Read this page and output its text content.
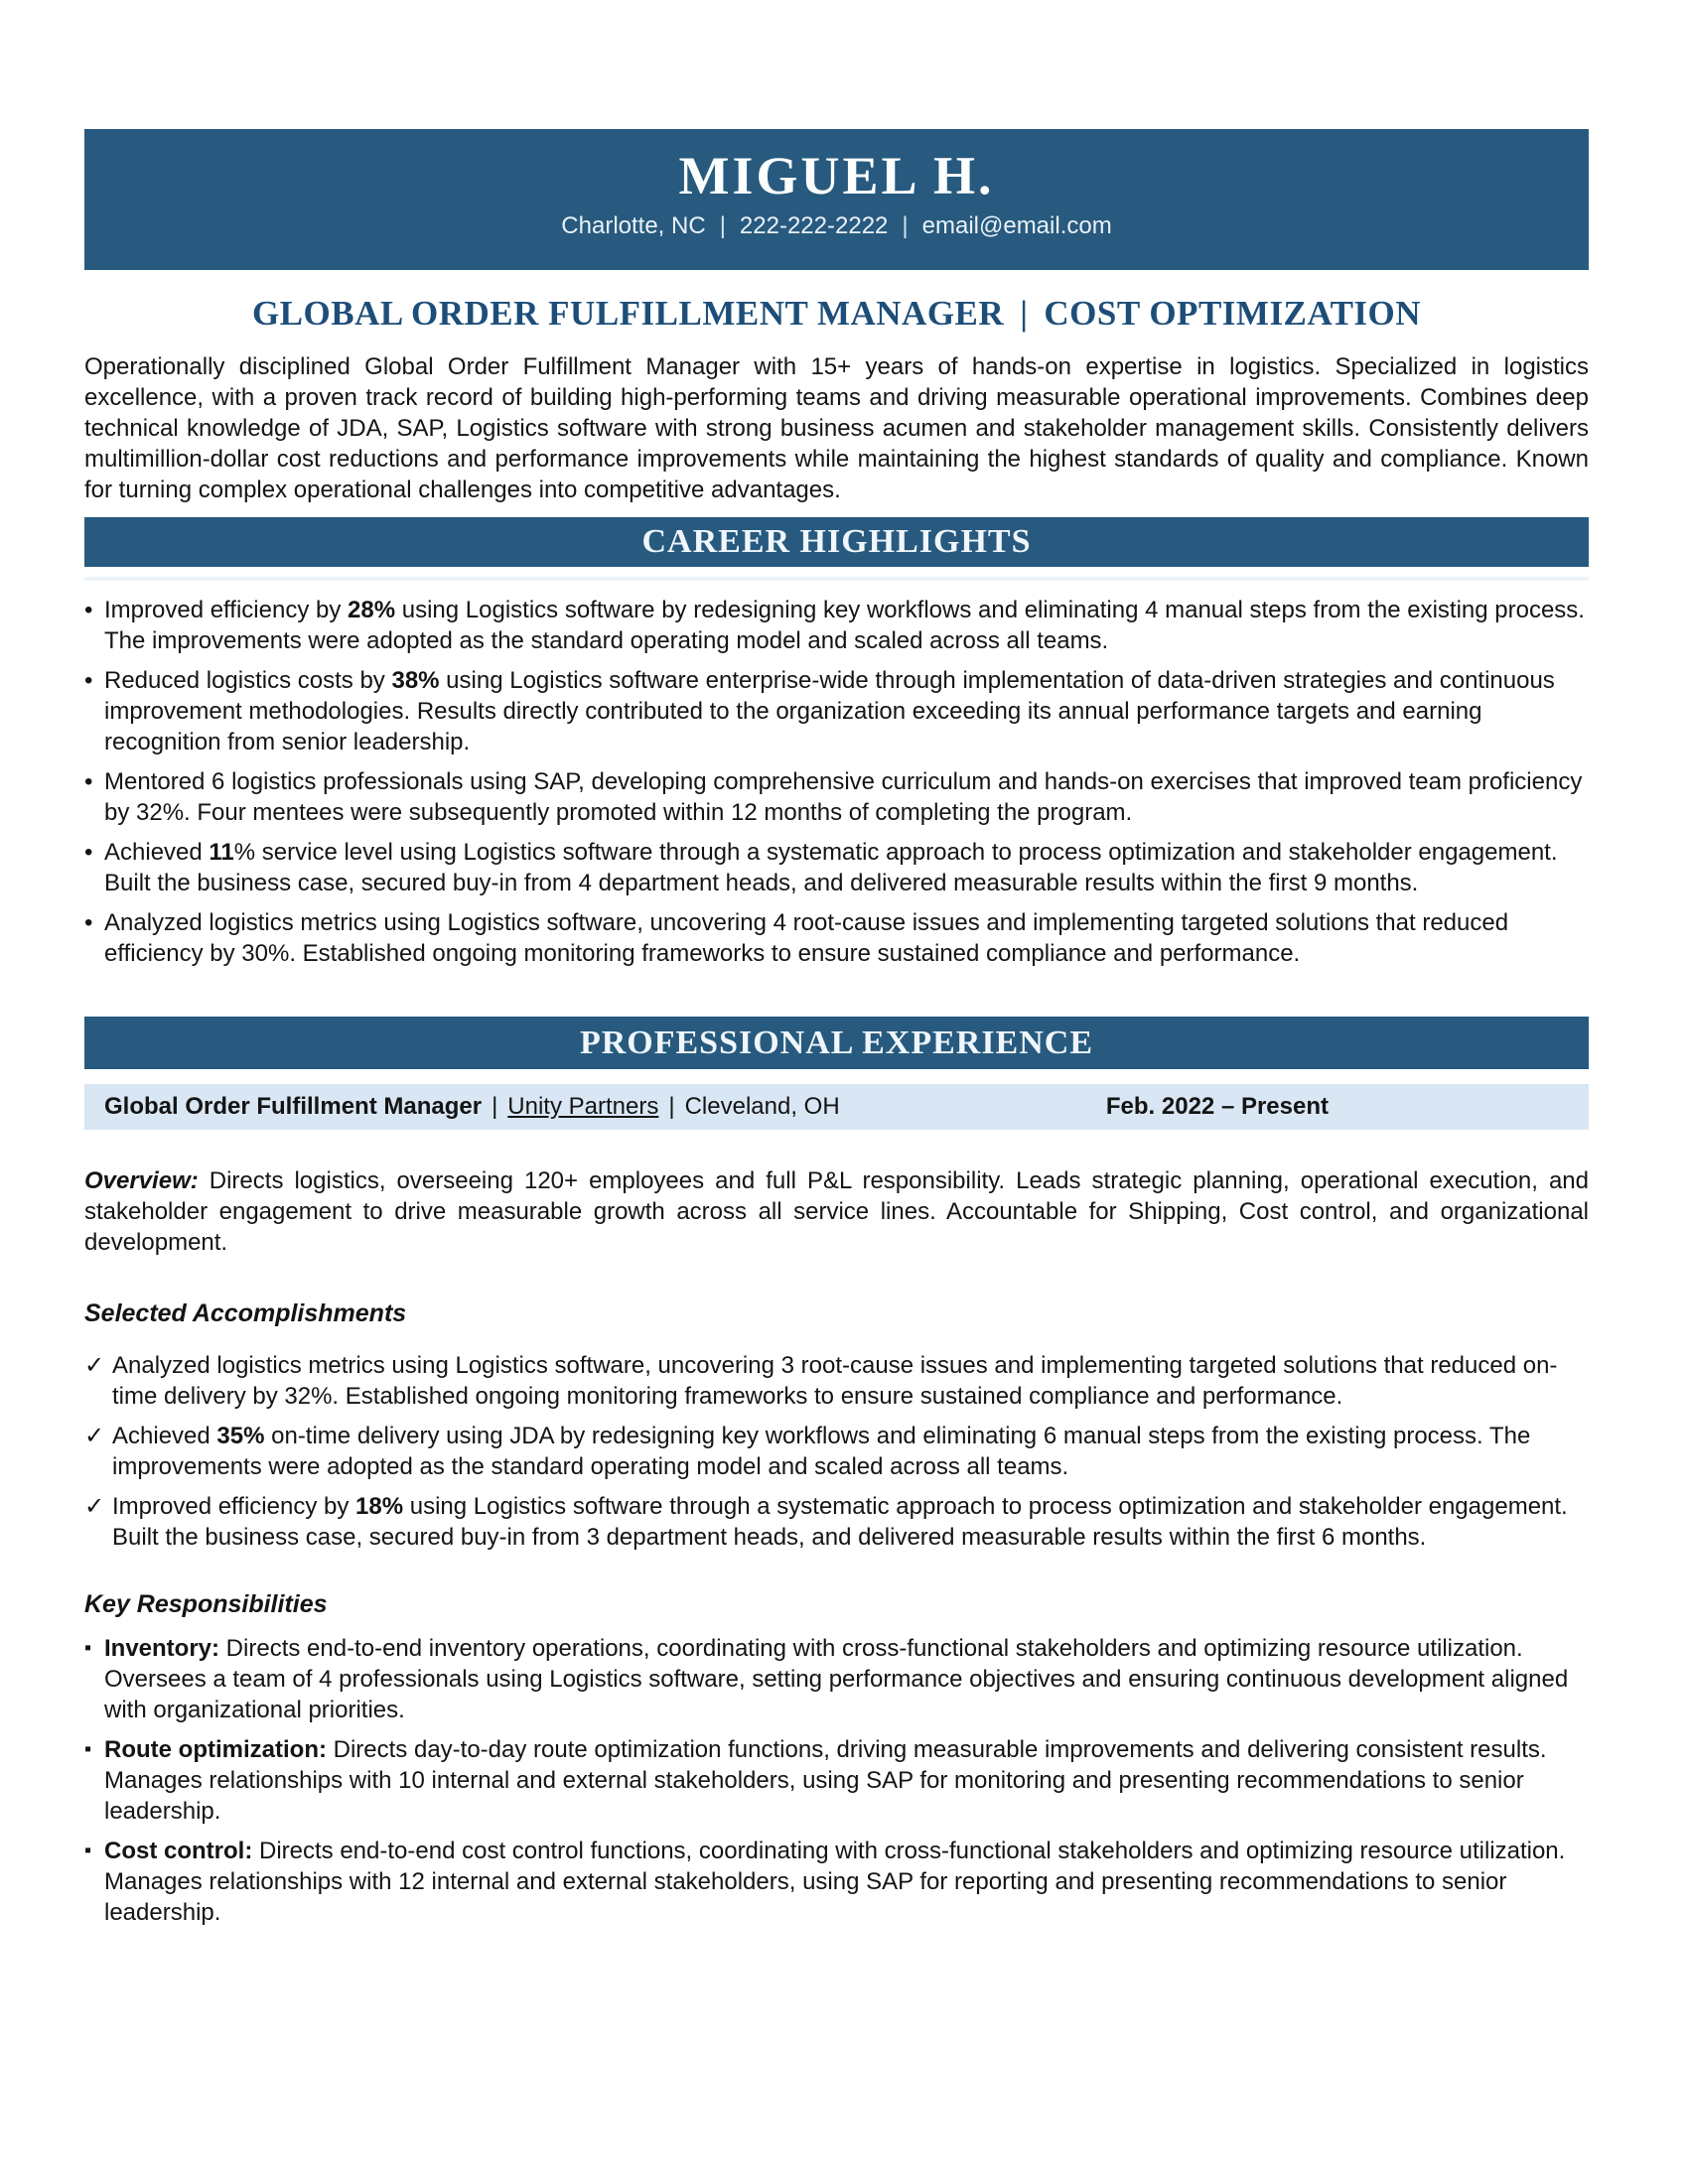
MIGUEL H.
Charlotte, NC | 222-222-2222 | email@email.com
GLOBAL ORDER FULFILLMENT MANAGER | COST OPTIMIZATION

Operationally disciplined Global Order Fulfillment Manager with 15+ years of hands-on expertise in logistics. Specialized in logistics excellence, with a proven track record of building high-performing teams and driving measurable operational improvements. Combines deep technical knowledge of JDA, SAP, Logistics software with strong business acumen and stakeholder management skills. Consistently delivers multimillion-dollar cost reductions and performance improvements while maintaining the highest standards of quality and compliance. Known for turning complex operational challenges into competitive advantages.

CAREER HIGHLIGHTS
• Improved efficiency by 28% using Logistics software by redesigning key workflows and eliminating 4 manual steps from the existing process. The improvements were adopted as the standard operating model and scaled across all teams.
• Reduced logistics costs by 38% using Logistics software enterprise-wide through implementation of data-driven strategies and continuous improvement methodologies. Results directly contributed to the organization exceeding its annual performance targets and earning recognition from senior leadership.
• Mentored 6 logistics professionals using SAP, developing comprehensive curriculum and hands-on exercises that improved team proficiency by 32%. Four mentees were subsequently promoted within 12 months of completing the program.
• Achieved 11% service level using Logistics software through a systematic approach to process optimization and stakeholder engagement. Built the business case, secured buy-in from 4 department heads, and delivered measurable results within the first 9 months.
• Analyzed logistics metrics using Logistics software, uncovering 4 root-cause issues and implementing targeted solutions that reduced efficiency by 30%. Established ongoing monitoring frameworks to ensure sustained compliance and performance.
PROFESSIONAL EXPERIENCE
Global Order Fulfillment Manager | Unity Partners | Cleveland, OH	Feb. 2022 – Present

Overview: Directs logistics, overseeing 120+ employees and full P&L responsibility. Leads strategic planning, operational execution, and stakeholder engagement to drive measurable growth across all service lines. Accountable for Shipping, Cost control, and organizational development.

Selected Accomplishments
✓ Analyzed logistics metrics using Logistics software, uncovering 3 root-cause issues and implementing targeted solutions that reduced on-time delivery by 32%. Established ongoing monitoring frameworks to ensure sustained compliance and performance.
✓ Achieved 35% on-time delivery using JDA by redesigning key workflows and eliminating 6 manual steps from the existing process. The improvements were adopted as the standard operating model and scaled across all teams.
✓ Improved efficiency by 18% using Logistics software through a systematic approach to process optimization and stakeholder engagement. Built the business case, secured buy-in from 3 department heads, and delivered measurable results within the first 6 months.
Key Responsibilities
▪ Inventory: Directs end-to-end inventory operations, coordinating with cross-functional stakeholders and optimizing resource utilization. Oversees a team of 4 professionals using Logistics software, setting performance objectives and ensuring continuous development aligned with organizational priorities.
▪ Route optimization: Directs day-to-day route optimization functions, driving measurable improvements and delivering consistent results. Manages relationships with 10 internal and external stakeholders, using SAP for monitoring and presenting recommendations to senior leadership.
▪ Cost control: Directs end-to-end cost control functions, coordinating with cross-functional stakeholders and optimizing resource utilization. Manages relationships with 12 internal and external stakeholders, using SAP for reporting and presenting recommendations to senior leadership.
